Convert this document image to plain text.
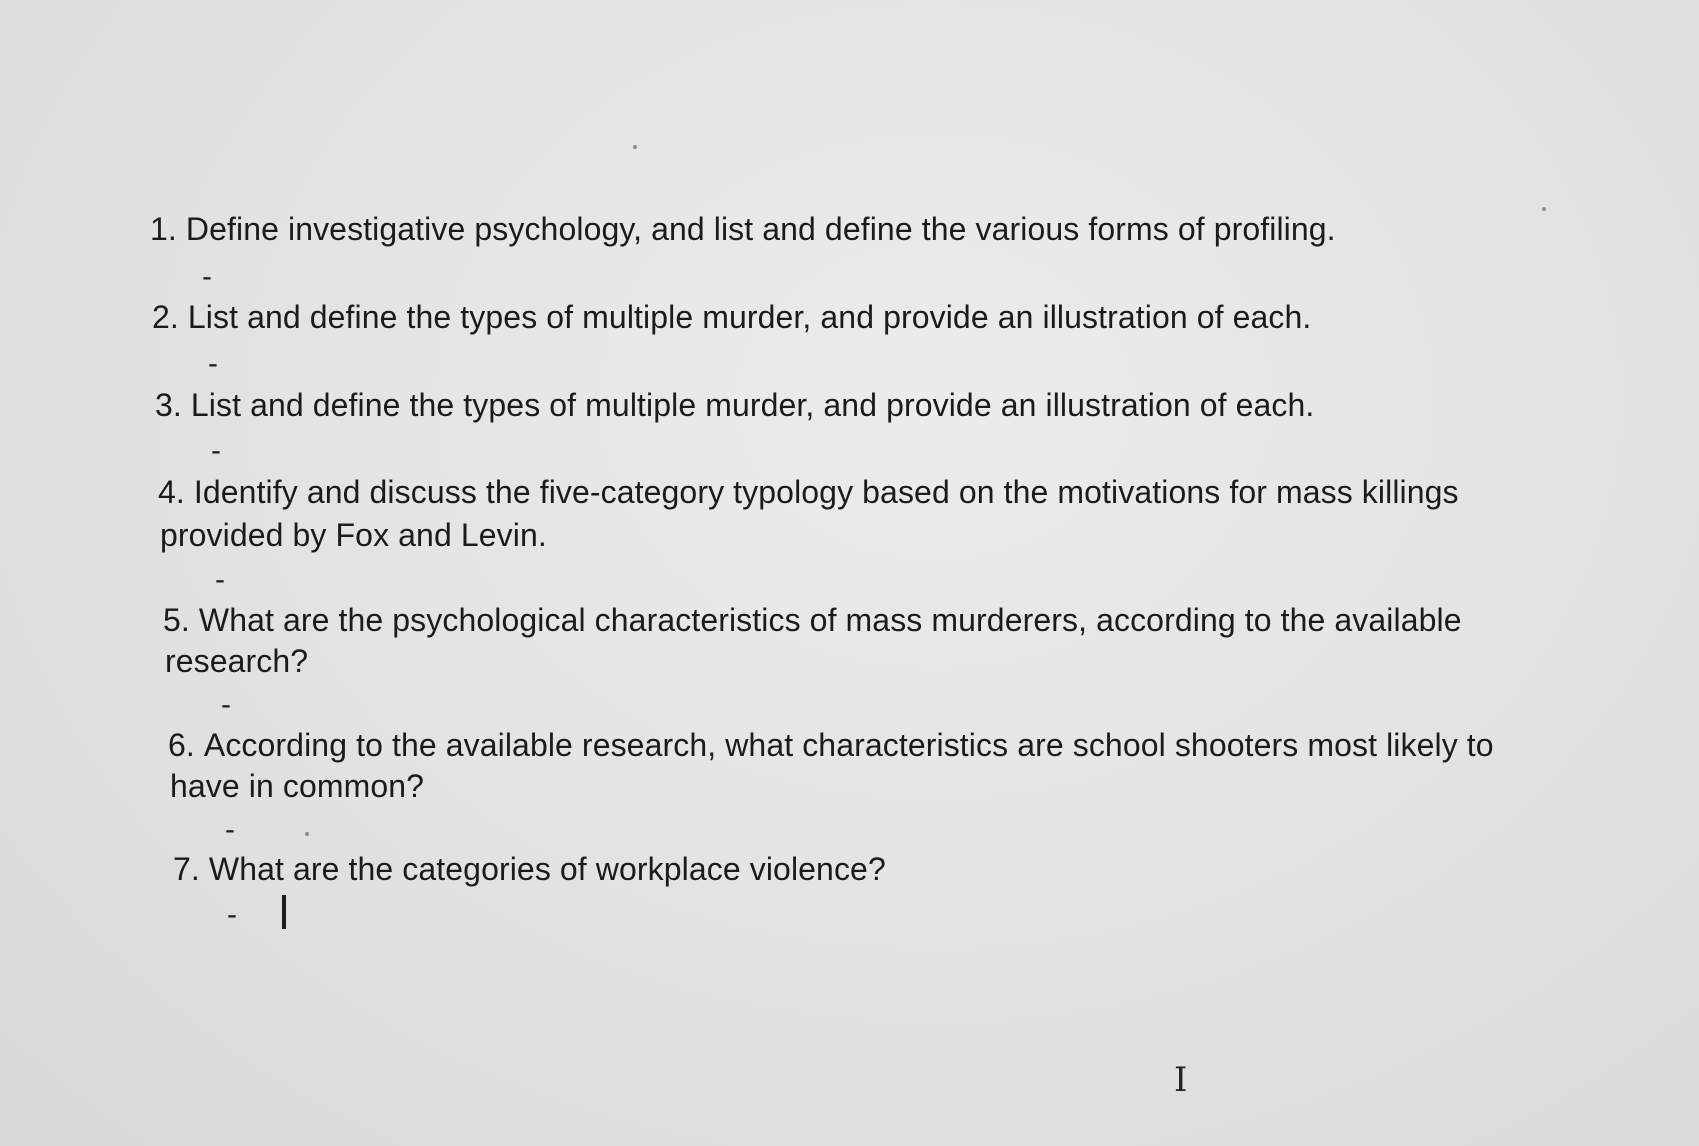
1. Define investigative psychology, and list and define the various forms of profiling.
-
2. List and define the types of multiple murder, and provide an illustration of each.
-
3. List and define the types of multiple murder, and provide an illustration of each.
-
4. Identify and discuss the five-category typology based on the motivations for mass killings
provided by Fox and Levin.
-
5. What are the psychological characteristics of mass murderers, according to the available
research?
-
6. According to the available research, what characteristics are school shooters most likely to
have in common?
-
7. What are the categories of workplace violence?
-
I
